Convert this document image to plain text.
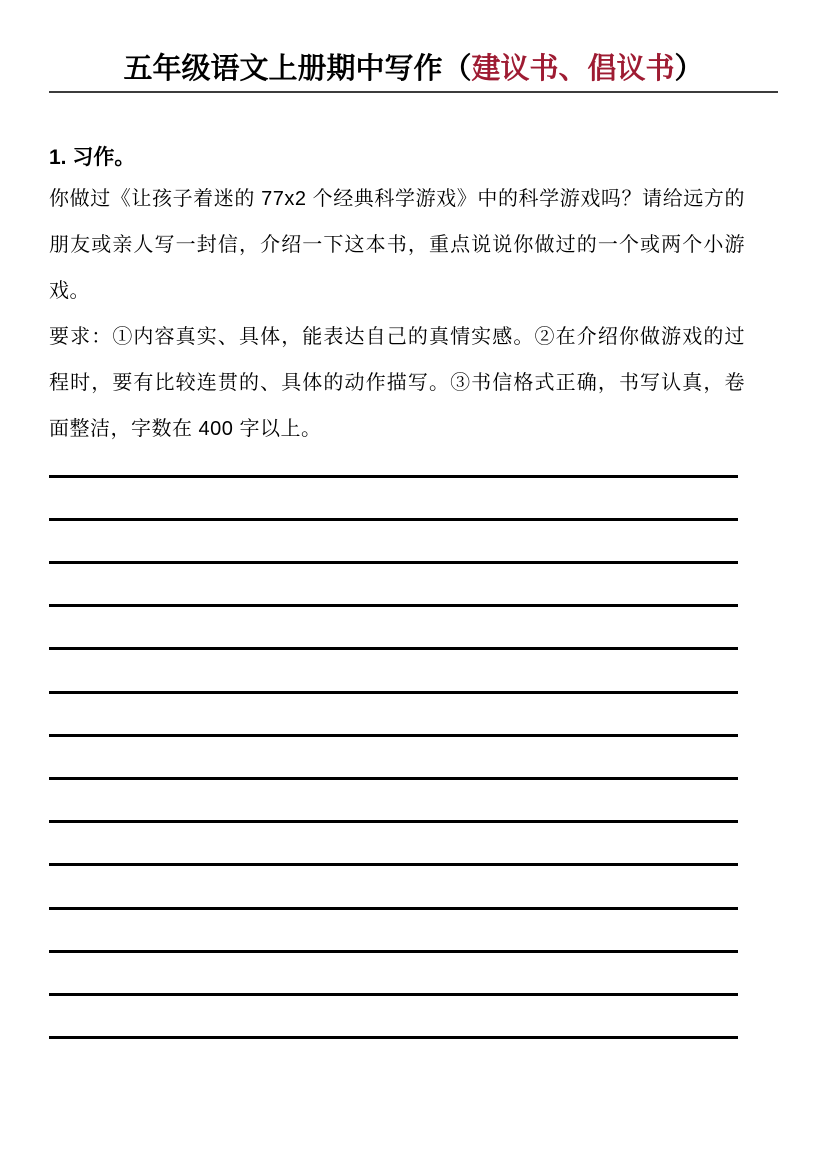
五年级语文上册期中写作（建议书、倡议书）
1. 习作。

你做过《让孩子着迷的 77x2 个经典科学游戏》中的科学游戏吗？请给远方的朋友或亲人写一封信，介绍一下这本书，重点说说你做过的一个或两个小游戏。

要求：①内容真实、具体，能表达自己的真情实感。②在介绍你做游戏的过程时，要有比较连贯的、具体的动作描写。③书信格式正确，书写认真，卷面整洁，字数在 400 字以上。
